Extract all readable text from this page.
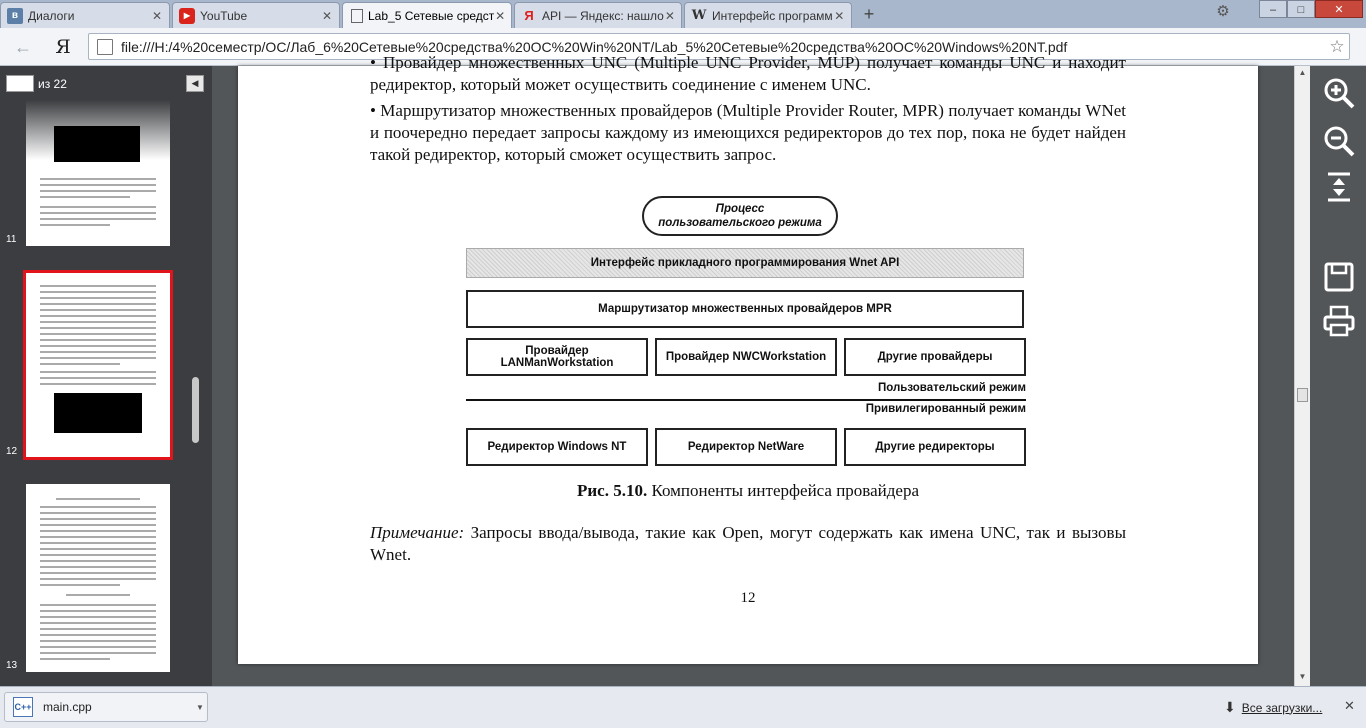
в Диалоги	✕	▶ YouTube	✕	Lab_5 Сетевые средст ✕ Я API — Яндекс: нашло ✕ W Интерфейс программ ✕	+	⚙	‒	□	✕
← Я	file:///H:/4%20семестр/ОС/Лаб_6%20Сетевые%20средства%20ОС%20Win%20NT/Lab_5%20Сетевые%20средства%20ОС%20Windows%20NT.pdf	☆
из 22	◀
11
12
13
• Провайдер множественных UNC (Multiple UNC Provider, MUP) получает команды UNC и находит редиректор, который может осуществить соединение с именем UNC.
• Маршрутизатор множественных провайдеров (Multiple Provider Router, MPR) получает команды WNet и поочередно передает запросы каждому из имеющихся редиректоров до тех пор, пока не будет найден такой редиректор, который сможет осуществить запрос.
Процесс
пользовательского режима
Интерфейс прикладного программирования Wnet API
Маршрутизатор множественных провайдеров MPR
Провайдер LANManWorkstation	Провайдер NWCWorkstation	Другие провайдеры
Пользовательский режим
Привилегированный режим
Редиректор Windows NT	Редиректор NetWare	Другие редиректоры
Рис. 5.10. Компоненты интерфейса провайдера
Примечание: Запросы ввода/вывода, такие как Open, могут содержать как имена UNC, так и вызовы Wnet.
12
▲
▼
C++ main.cpp	▼	⬇ Все загрузки... ✕
